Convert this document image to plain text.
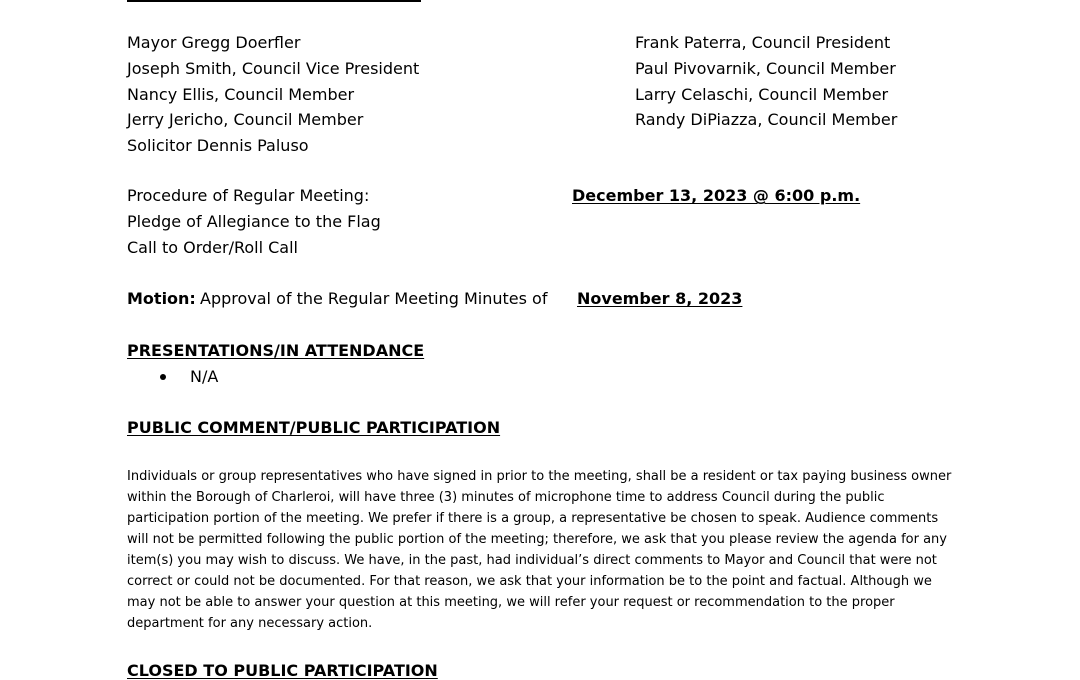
Mayor Gregg Doerfler
Joseph Smith, Council Vice President
Nancy Ellis, Council Member
Jerry Jericho, Council Member
Solicitor Dennis Paluso
Frank Paterra, Council President
Paul Pivovarnik, Council Member
Larry Celaschi, Council Member
Randy DiPiazza, Council Member
Procedure of Regular Meeting:	December 13, 2023 @ 6:00 p.m.
Pledge of Allegiance to the Flag
Call to Order/Roll Call
Motion: Approval of the Regular Meeting Minutes of November 8, 2023
PRESENTATIONS/IN ATTENDANCE
N/A
PUBLIC COMMENT/PUBLIC PARTICIPATION
Individuals or group representatives who have signed in prior to the meeting, shall be a resident or tax paying business owner
within the Borough of Charleroi, will have three (3) minutes of microphone time to address Council during the public
participation portion of the meeting. We prefer if there is a group, a representative be chosen to speak. Audience comments
will not be permitted following the public portion of the meeting; therefore, we ask that you please review the agenda for any
item(s) you may wish to discuss. We have, in the past, had individual’s direct comments to Mayor and Council that were not
correct or could not be documented. For that reason, we ask that your information be to the point and factual. Although we
may not be able to answer your question at this meeting, we will refer your request or recommendation to the proper
department for any necessary action.
CLOSED TO PUBLIC PARTICIPATION
